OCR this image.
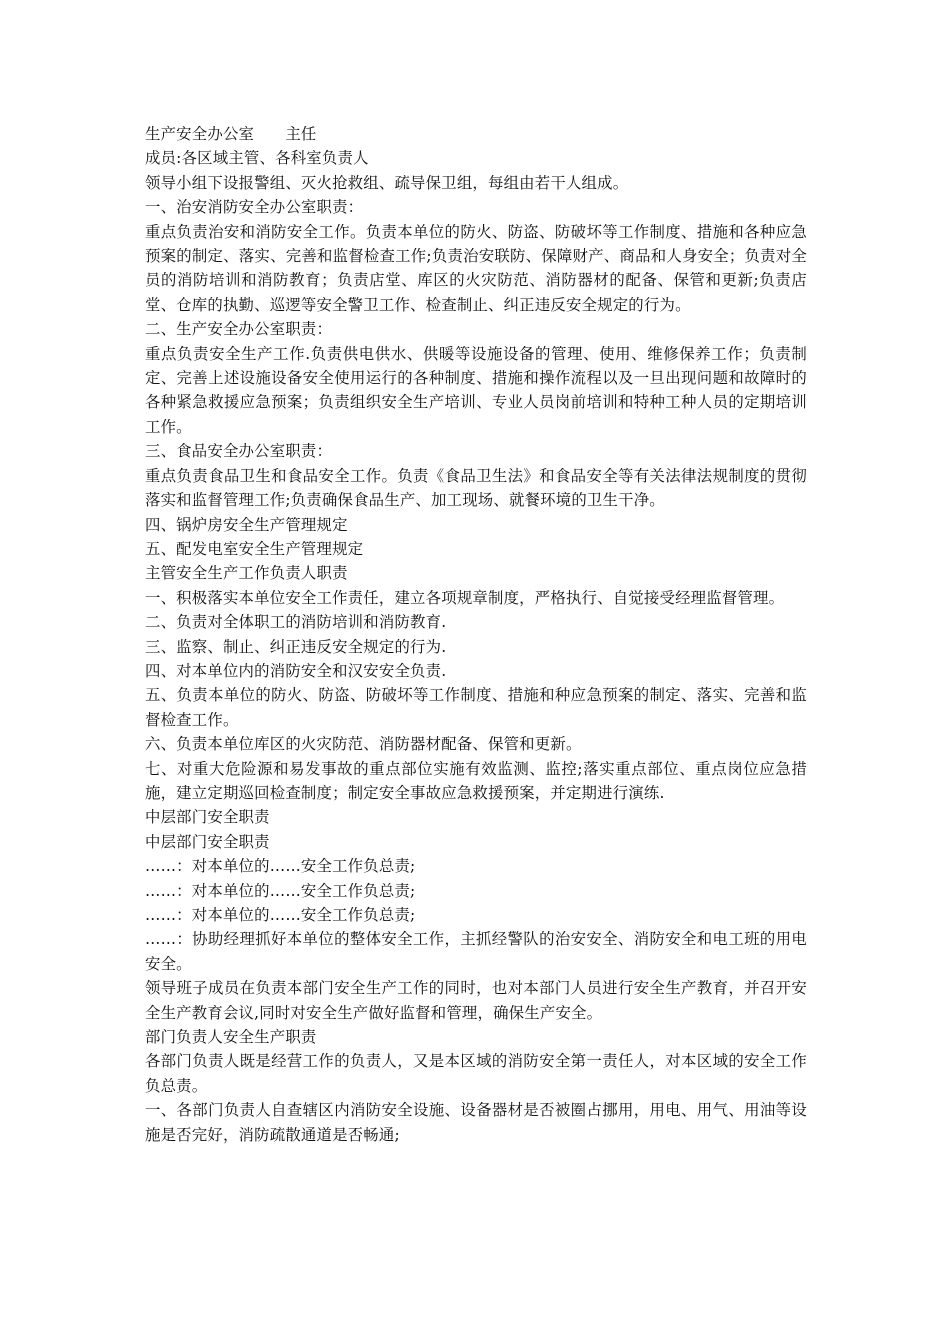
生产安全办公室　　主任

成员:各区域主管、各科室负责人

领导小组下设报警组、灭火抢救组、疏导保卫组，每组由若干人组成。

一、治安消防安全办公室职责：

重点负责治安和消防安全工作。负责本单位的防火、防盗、防破坏等工作制度、措施和各种应急预案的制定、落实、完善和监督检查工作;负责治安联防、保障财产、商品和人身安全；负责对全员的消防培训和消防教育；负责店堂、库区的火灾防范、消防器材的配备、保管和更新;负责店堂、仓库的执勤、巡逻等安全警卫工作、检查制止、纠正违反安全规定的行为。

二、生产安全办公室职责：

重点负责安全生产工作.负责供电供水、供暖等设施设备的管理、使用、维修保养工作；负责制定、完善上述设施设备安全使用运行的各种制度、措施和操作流程以及一旦出现问题和故障时的各种紧急救援应急预案；负责组织安全生产培训、专业人员岗前培训和特种工种人员的定期培训工作。

三、食品安全办公室职责：

重点负责食品卫生和食品安全工作。负责《食品卫生法》和食品安全等有关法律法规制度的贯彻落实和监督管理工作;负责确保食品生产、加工现场、就餐环境的卫生干净。

四、锅炉房安全生产管理规定

五、配发电室安全生产管理规定

主管安全生产工作负责人职责

一、积极落实本单位安全工作责任，建立各项规章制度，严格执行、自觉接受经理监督管理。

二、负责对全体职工的消防培训和消防教育.

三、监察、制止、纠正违反安全规定的行为.

四、对本单位内的消防安全和汉安安全负责.

五、负责本单位的防火、防盗、防破坏等工作制度、措施和种应急预案的制定、落实、完善和监督检查工作。

六、负责本单位库区的火灾防范、消防器材配备、保管和更新。

七、对重大危险源和易发事故的重点部位实施有效监测、监控;落实重点部位、重点岗位应急措施，建立定期巡回检查制度；制定安全事故应急救援预案，并定期进行演练.

中层部门安全职责

中层部门安全职责

……：对本单位的……安全工作负总责;

……：对本单位的……安全工作负总责;

……：对本单位的……安全工作负总责;

……：协助经理抓好本单位的整体安全工作，主抓经警队的治安安全、消防安全和电工班的用电安全。

领导班子成员在负责本部门安全生产工作的同时，也对本部门人员进行安全生产教育，并召开安全生产教育会议,同时对安全生产做好监督和管理，确保生产安全。

部门负责人安全生产职责

各部门负责人既是经营工作的负责人，又是本区域的消防安全第一责任人，对本区域的安全工作负总责。

一、各部门负责人自查辖区内消防安全设施、设备器材是否被圈占挪用，用电、用气、用油等设施是否完好，消防疏散通道是否畅通;
